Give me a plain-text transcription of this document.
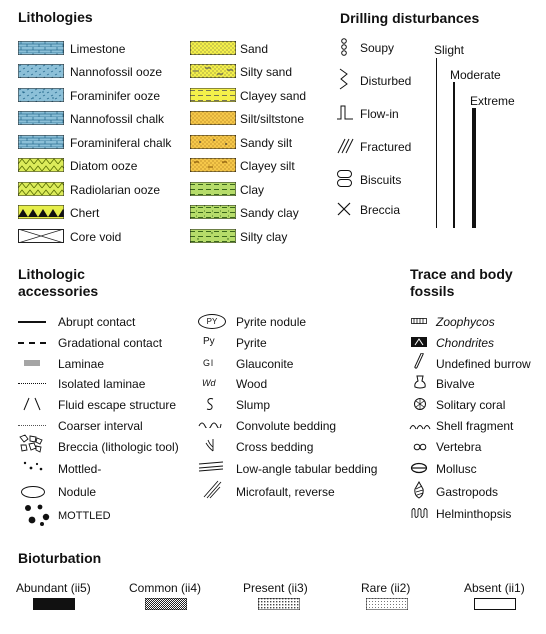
Lithologies
Limestone
Nannofossil ooze
Foraminifer ooze
Nannofossil chalk
Foraminiferal chalk
Diatom ooze
Radiolarian ooze
Chert
Core void
Sand
Silty sand
Clayey sand
Silt/siltstone
Sandy silt
Clayey silt
Clay
Sandy clay
Silty clay
Drilling disturbances
Soupy
Disturbed
Flow-in
Fractured
Biscuits
Breccia
Slight
Moderate
Extreme
Lithologic
accessories
Abrupt contact
Gradational contact
Laminae
Isolated laminae
Fluid escape structure
Coarser interval
Breccia (lithologic tool)
Mottled-
Nodule
MOTTLED
PY	Pyrite nodule
Py Pyrite
Gl Glauconite
Wd Wood
Slump
Convolute bedding
Cross bedding
Low-angle tabular bedding
Microfault, reverse
Trace and body
fossils
Zoophycos
Chondrites
Undefined burrow
Bivalve
Solitary coral
Shell fragment
Vertebra
Mollusc
Gastropods
Helminthopsis
Bioturbation
Abundant (ii5)	Common (ii4)	Present (ii3)	Rare (ii2)	Absent (ii1)
